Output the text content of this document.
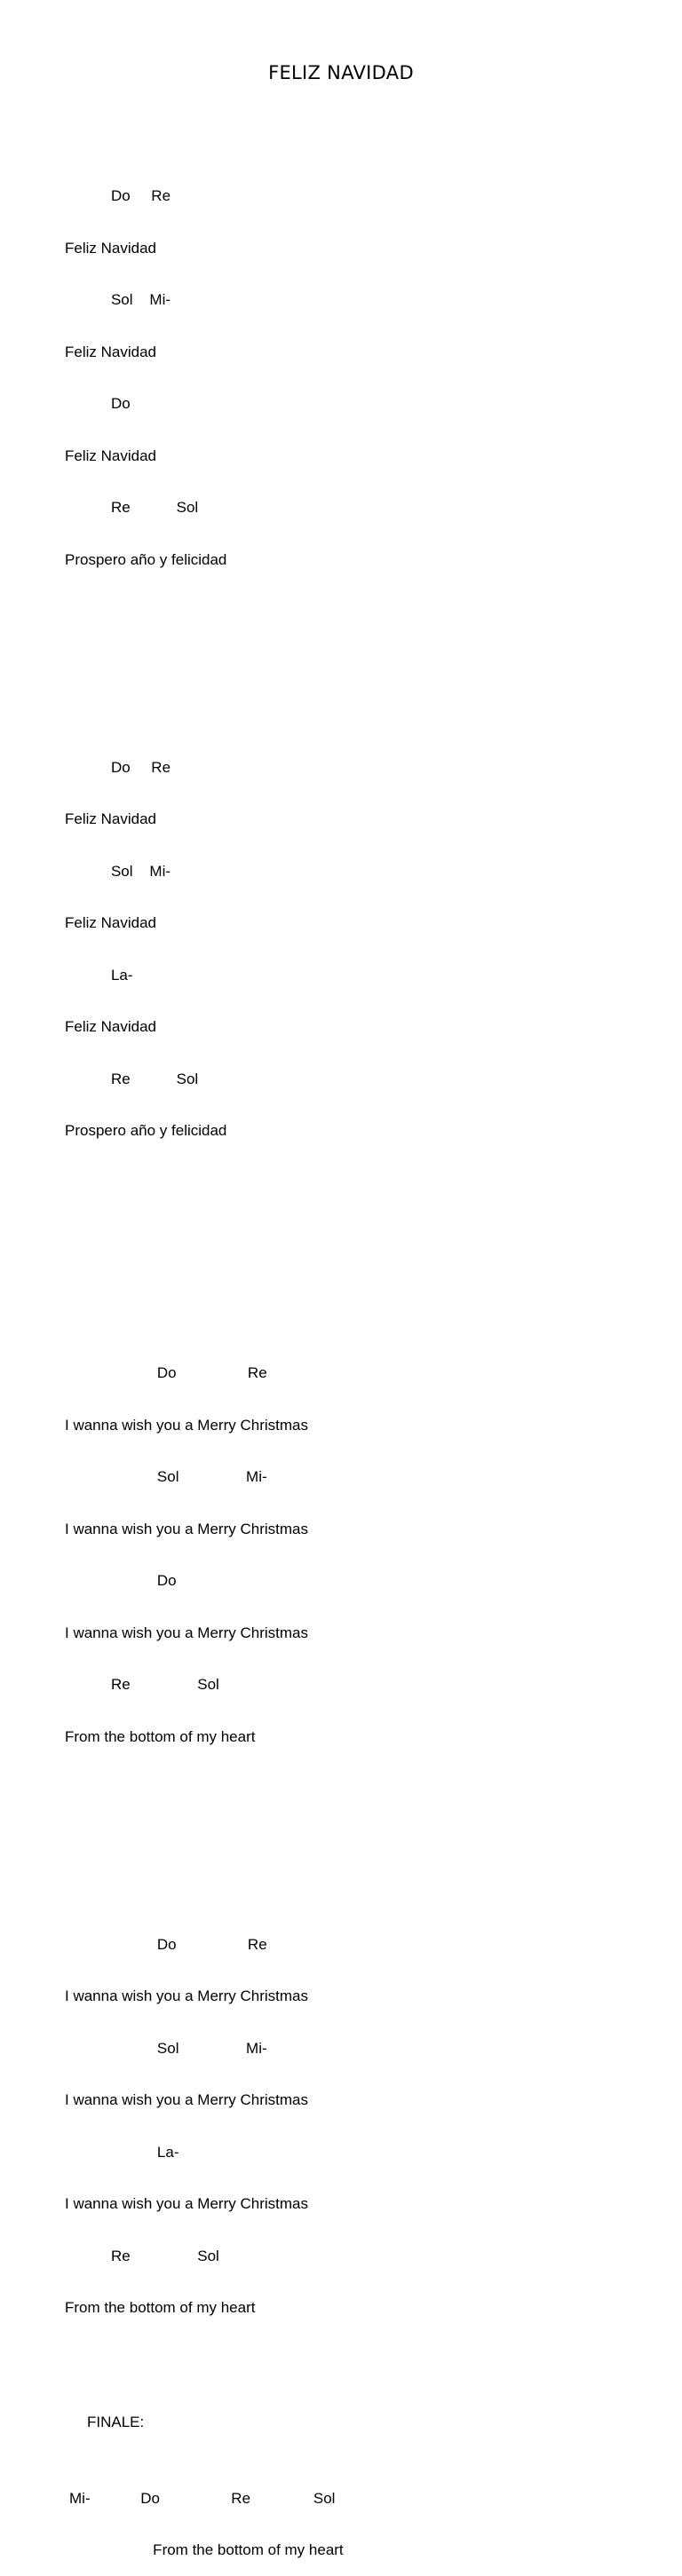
FELIZ NAVIDAD

Do     Re

Feliz Navidad

Sol    Mi-

Feliz Navidad

Do

Feliz Navidad

Re           Sol

Prospero año y felicidad

Do     Re

Feliz Navidad

Sol    Mi-

Feliz Navidad

La-

Feliz Navidad

Re           Sol

Prospero año y felicidad

Do                 Re

I wanna wish you a Merry Christmas

Sol                Mi-

I wanna wish you a Merry Christmas

Do

I wanna wish you a Merry Christmas

Re                Sol

From the bottom of my heart

Do                 Re

I wanna wish you a Merry Christmas

Sol                Mi-

I wanna wish you a Merry Christmas

La-

I wanna wish you a Merry Christmas

Re                Sol

From the bottom of my heart

FINALE:

Mi-            Do                 Re               Sol

From the bottom of my heart
